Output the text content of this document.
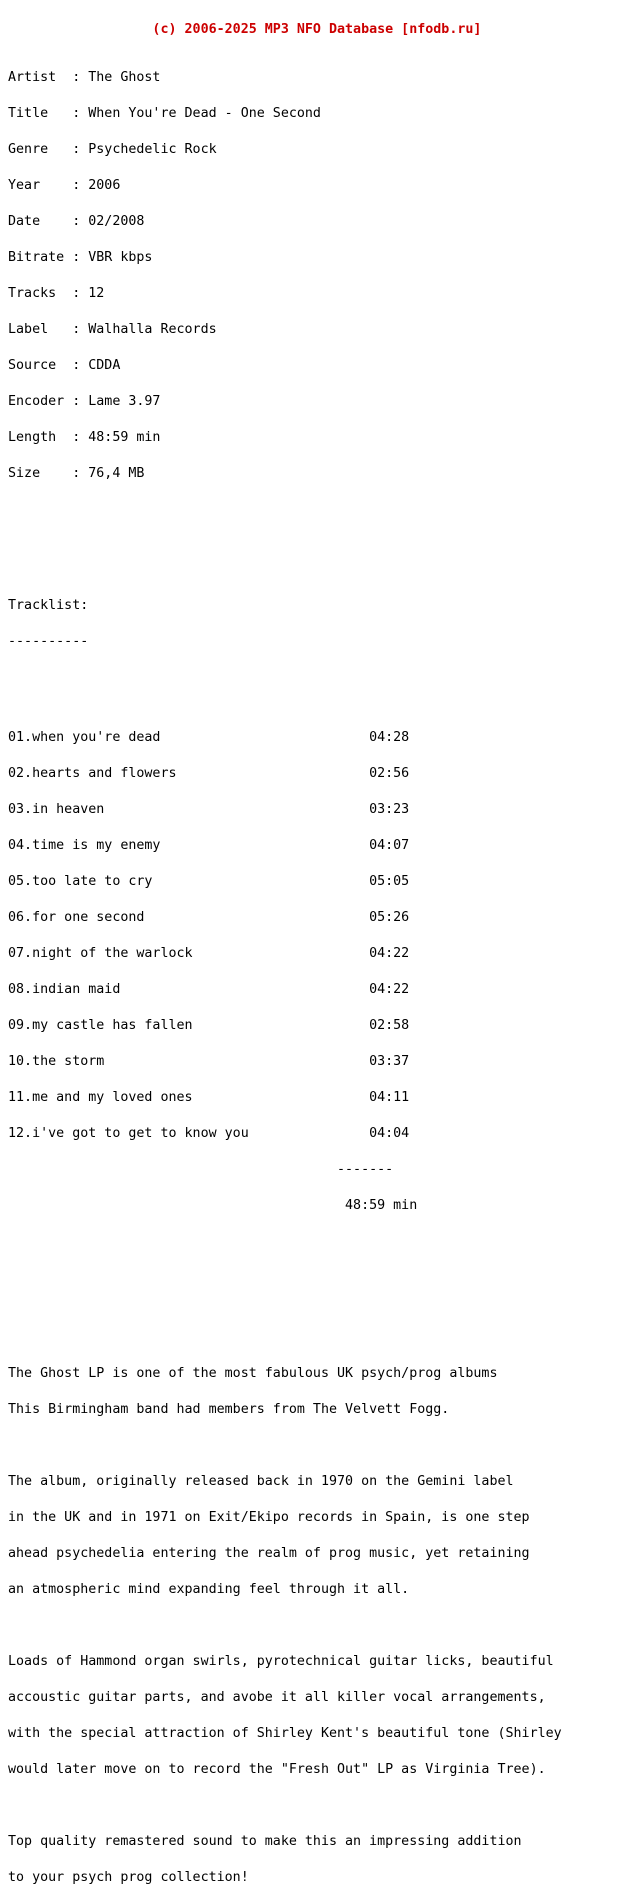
(c) 2006-2025 MP3 NFO Database [nfodb.ru]

Artist  : The Ghost

Title   : When You're Dead - One Second

Genre   : Psychedelic Rock

Year    : 2006

Date    : 02/2008

Bitrate : VBR kbps

Tracks  : 12

Label   : Walhalla Records

Source  : CDDA

Encoder : Lame 3.97

Length  : 48:59 min

Size    : 76,4 MB

Tracklist:

----------

01.when you're dead                          04:28

02.hearts and flowers                        02:56

03.in heaven                                 03:23

04.time is my enemy                          04:07

05.too late to cry                           05:05

06.for one second                            05:26

07.night of the warlock                      04:22

08.indian maid                               04:22

09.my castle has fallen                      02:58

10.the storm                                 03:37

11.me and my loved ones                      04:11

12.i've got to get to know you               04:04

-------

48:59 min

The Ghost LP is one of the most fabulous UK psych/prog albums

This Birmingham band had members from The Velvett Fogg.

The album, originally released back in 1970 on the Gemini label

in the UK and in 1971 on Exit/Ekipo records in Spain, is one step

ahead psychedelia entering the realm of prog music, yet retaining

an atmospheric mind expanding feel through it all.

Loads of Hammond organ swirls, pyrotechnical guitar licks, beautiful

accoustic guitar parts, and avobe it all killer vocal arrangements,

with the special attraction of Shirley Kent's beautiful tone (Shirley

would later move on to record the "Fresh Out" LP as Virginia Tree).

Top quality remastered sound to make this an impressing addition

to your psych prog collection!
